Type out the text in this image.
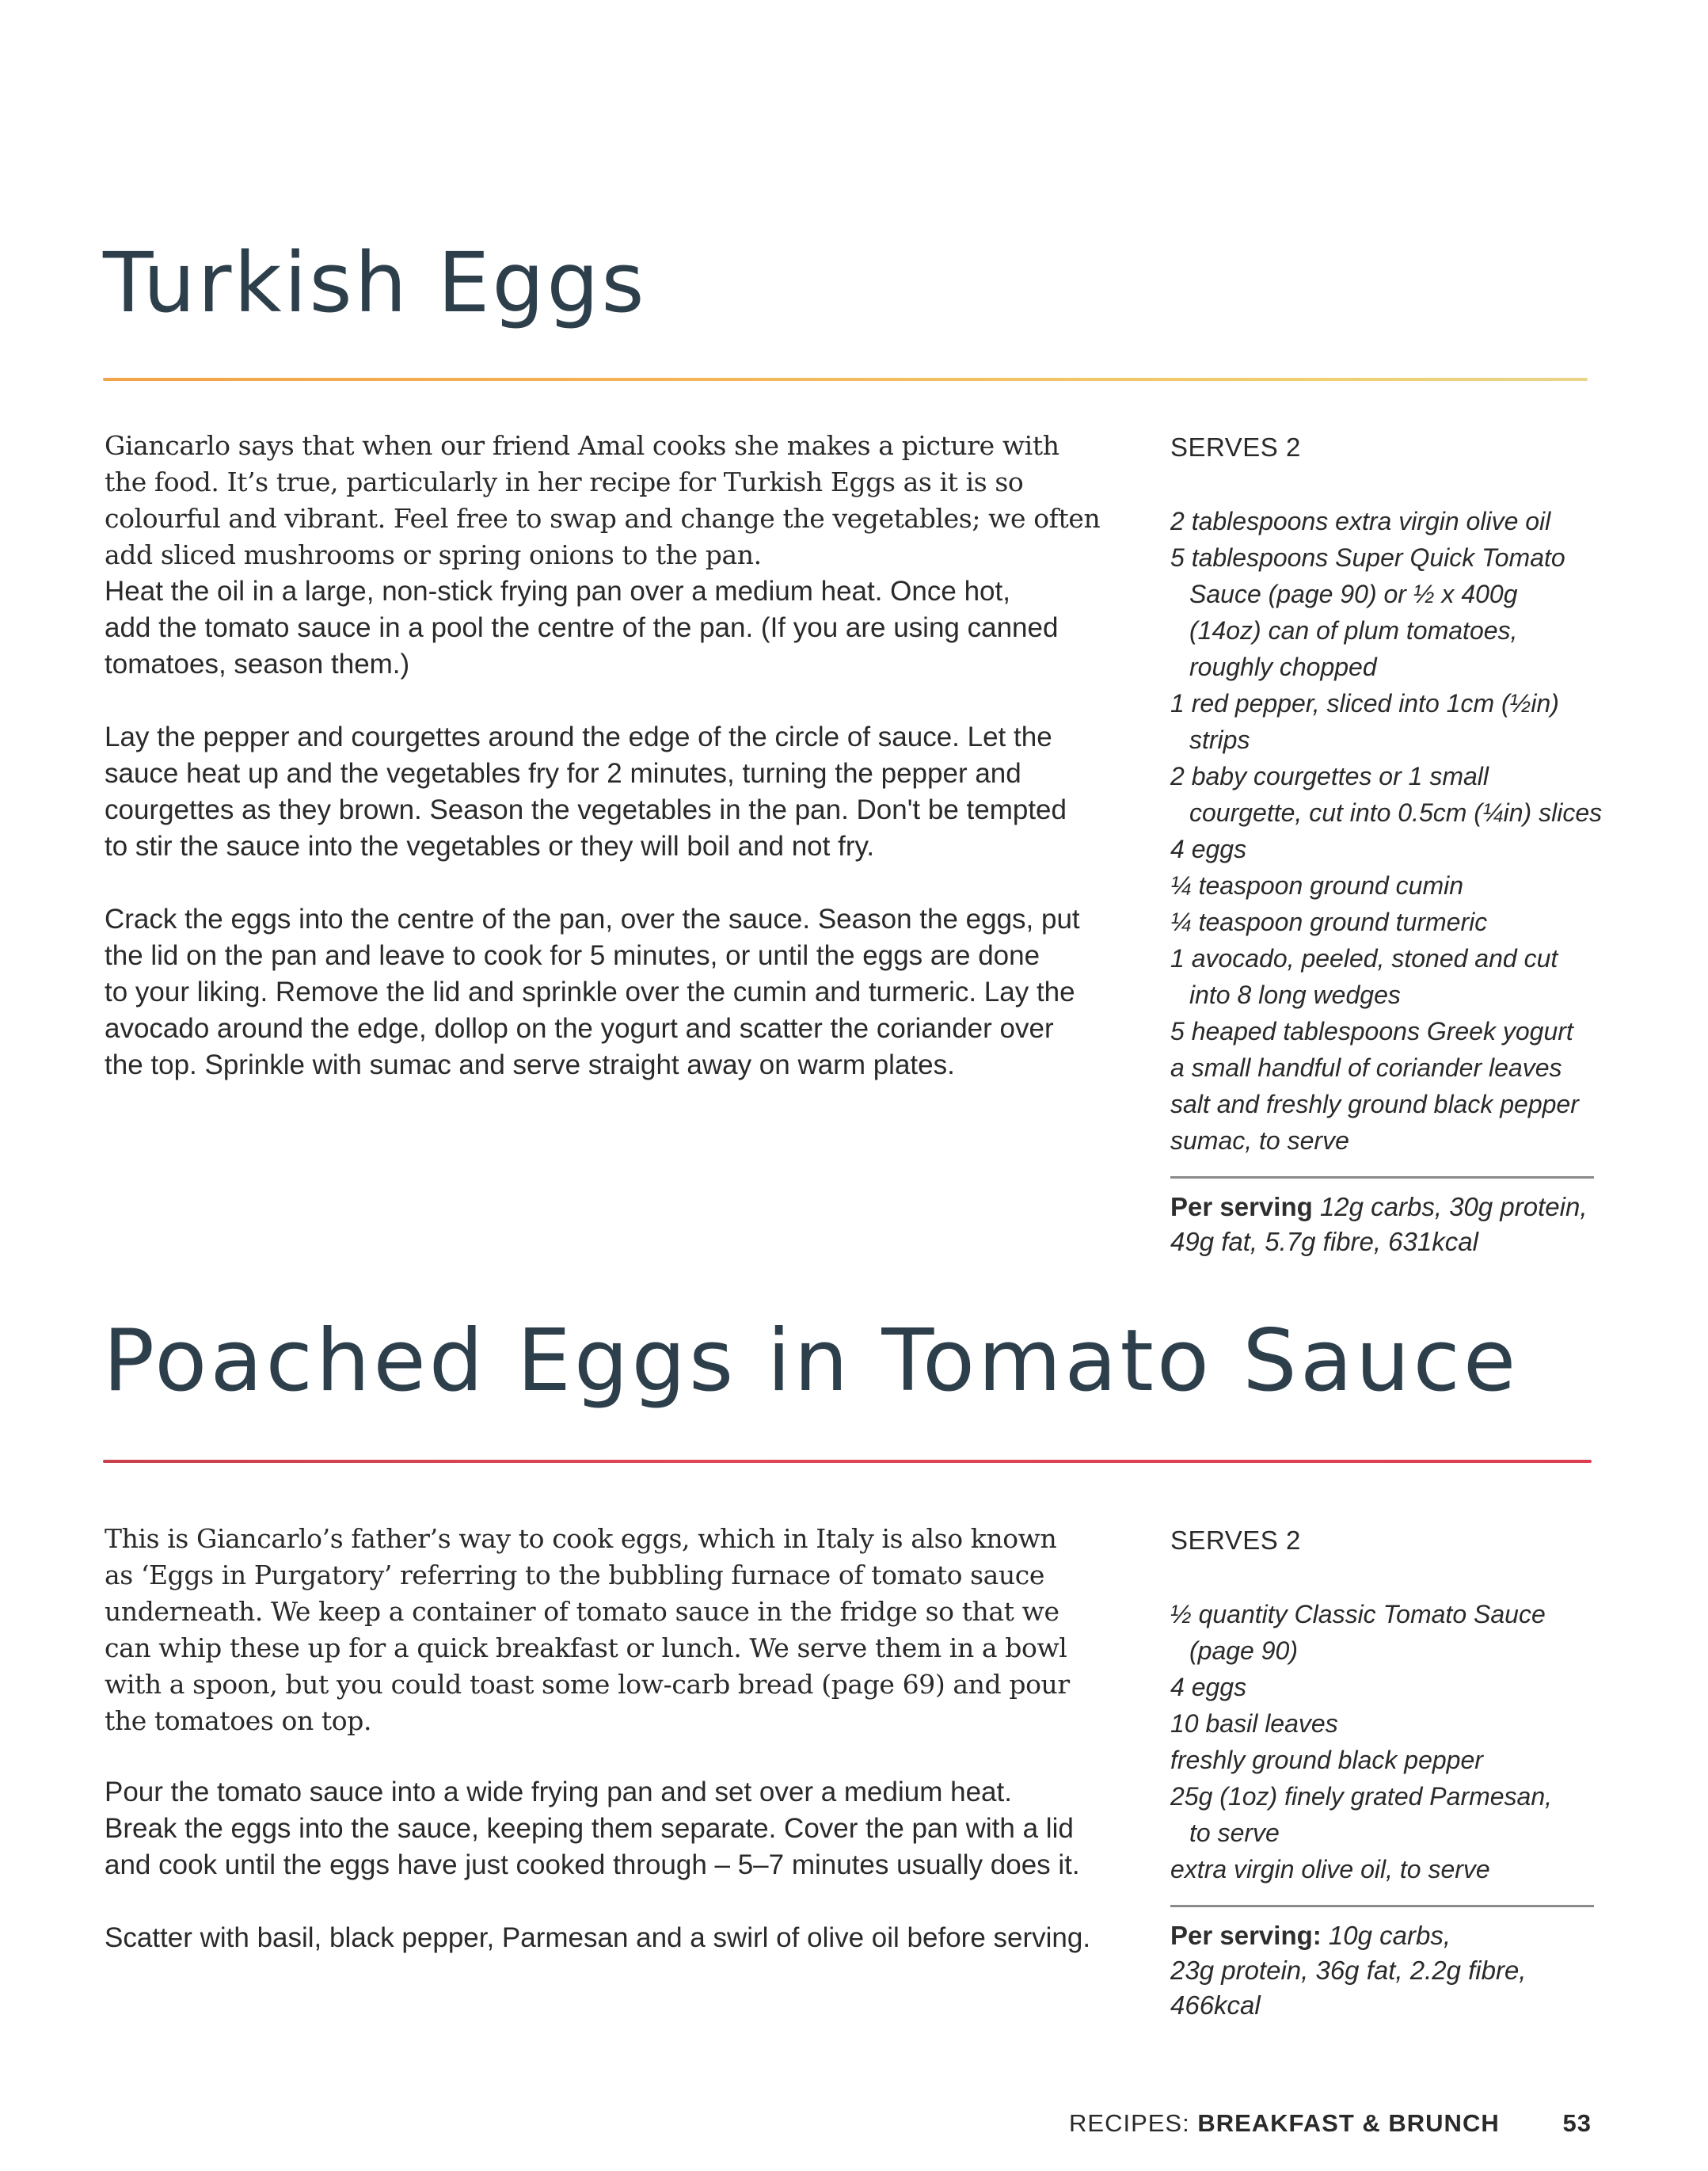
Turkish Eggs

Giancarlo says that when our friend Amal cooks she makes a picture with
the food. It’s true, particularly in her recipe for Turkish Eggs as it is so
colourful and vibrant. Feel free to swap and change the vegetables; we often
add sliced mushrooms or spring onions to the pan.

Heat the oil in a large, non-stick frying pan over a medium heat. Once hot,
add the tomato sauce in a pool the centre of the pan. (If you are using canned
tomatoes, season them.)

Lay the pepper and courgettes around the edge of the circle of sauce. Let the
sauce heat up and the vegetables fry for 2 minutes, turning the pepper and
courgettes as they brown. Season the vegetables in the pan. Don't be tempted
to stir the sauce into the vegetables or they will boil and not fry.

Crack the eggs into the centre of the pan, over the sauce. Season the eggs, put
the lid on the pan and leave to cook for 5 minutes, or until the eggs are done
to your liking. Remove the lid and sprinkle over the cumin and turmeric. Lay the
avocado around the edge, dollop on the yogurt and scatter the coriander over
the top. Sprinkle with sumac and serve straight away on warm plates.

SERVES 2
2 tablespoons extra virgin olive oil
5 tablespoons Super Quick Tomato
Sauce (page 90) or ½ x 400g
(14oz) can of plum tomatoes,
roughly chopped
1 red pepper, sliced into 1cm (½in)
strips
2 baby courgettes or 1 small
courgette, cut into 0.5cm (¼in) slices
4 eggs
¼ teaspoon ground cumin
¼ teaspoon ground turmeric
1 avocado, peeled, stoned and cut
into 8 long wedges
5 heaped tablespoons Greek yogurt
a small handful of coriander leaves
salt and freshly ground black pepper
sumac, to serve

Per serving 12g carbs, 30g protein,
49g fat, 5.7g fibre, 631kcal

Poached Eggs in Tomato Sauce

This is Giancarlo’s father’s way to cook eggs, which in Italy is also known
as ‘Eggs in Purgatory’ referring to the bubbling furnace of tomato sauce
underneath. We keep a container of tomato sauce in the fridge so that we
can whip these up for a quick breakfast or lunch. We serve them in a bowl
with a spoon, but you could toast some low-carb bread (page 69) and pour
the tomatoes on top.

Pour the tomato sauce into a wide frying pan and set over a medium heat.
Break the eggs into the sauce, keeping them separate. Cover the pan with a lid
and cook until the eggs have just cooked through – 5–7 minutes usually does it.

Scatter with basil, black pepper, Parmesan and a swirl of olive oil before serving.

SERVES 2
½ quantity Classic Tomato Sauce
(page 90)
4 eggs
10 basil leaves
freshly ground black pepper
25g (1oz) finely grated Parmesan,
to serve
extra virgin olive oil, to serve

Per serving: 10g carbs,
23g protein, 36g fat, 2.2g fibre,
466kcal

RECIPES: BREAKFAST & BRUNCH	53
